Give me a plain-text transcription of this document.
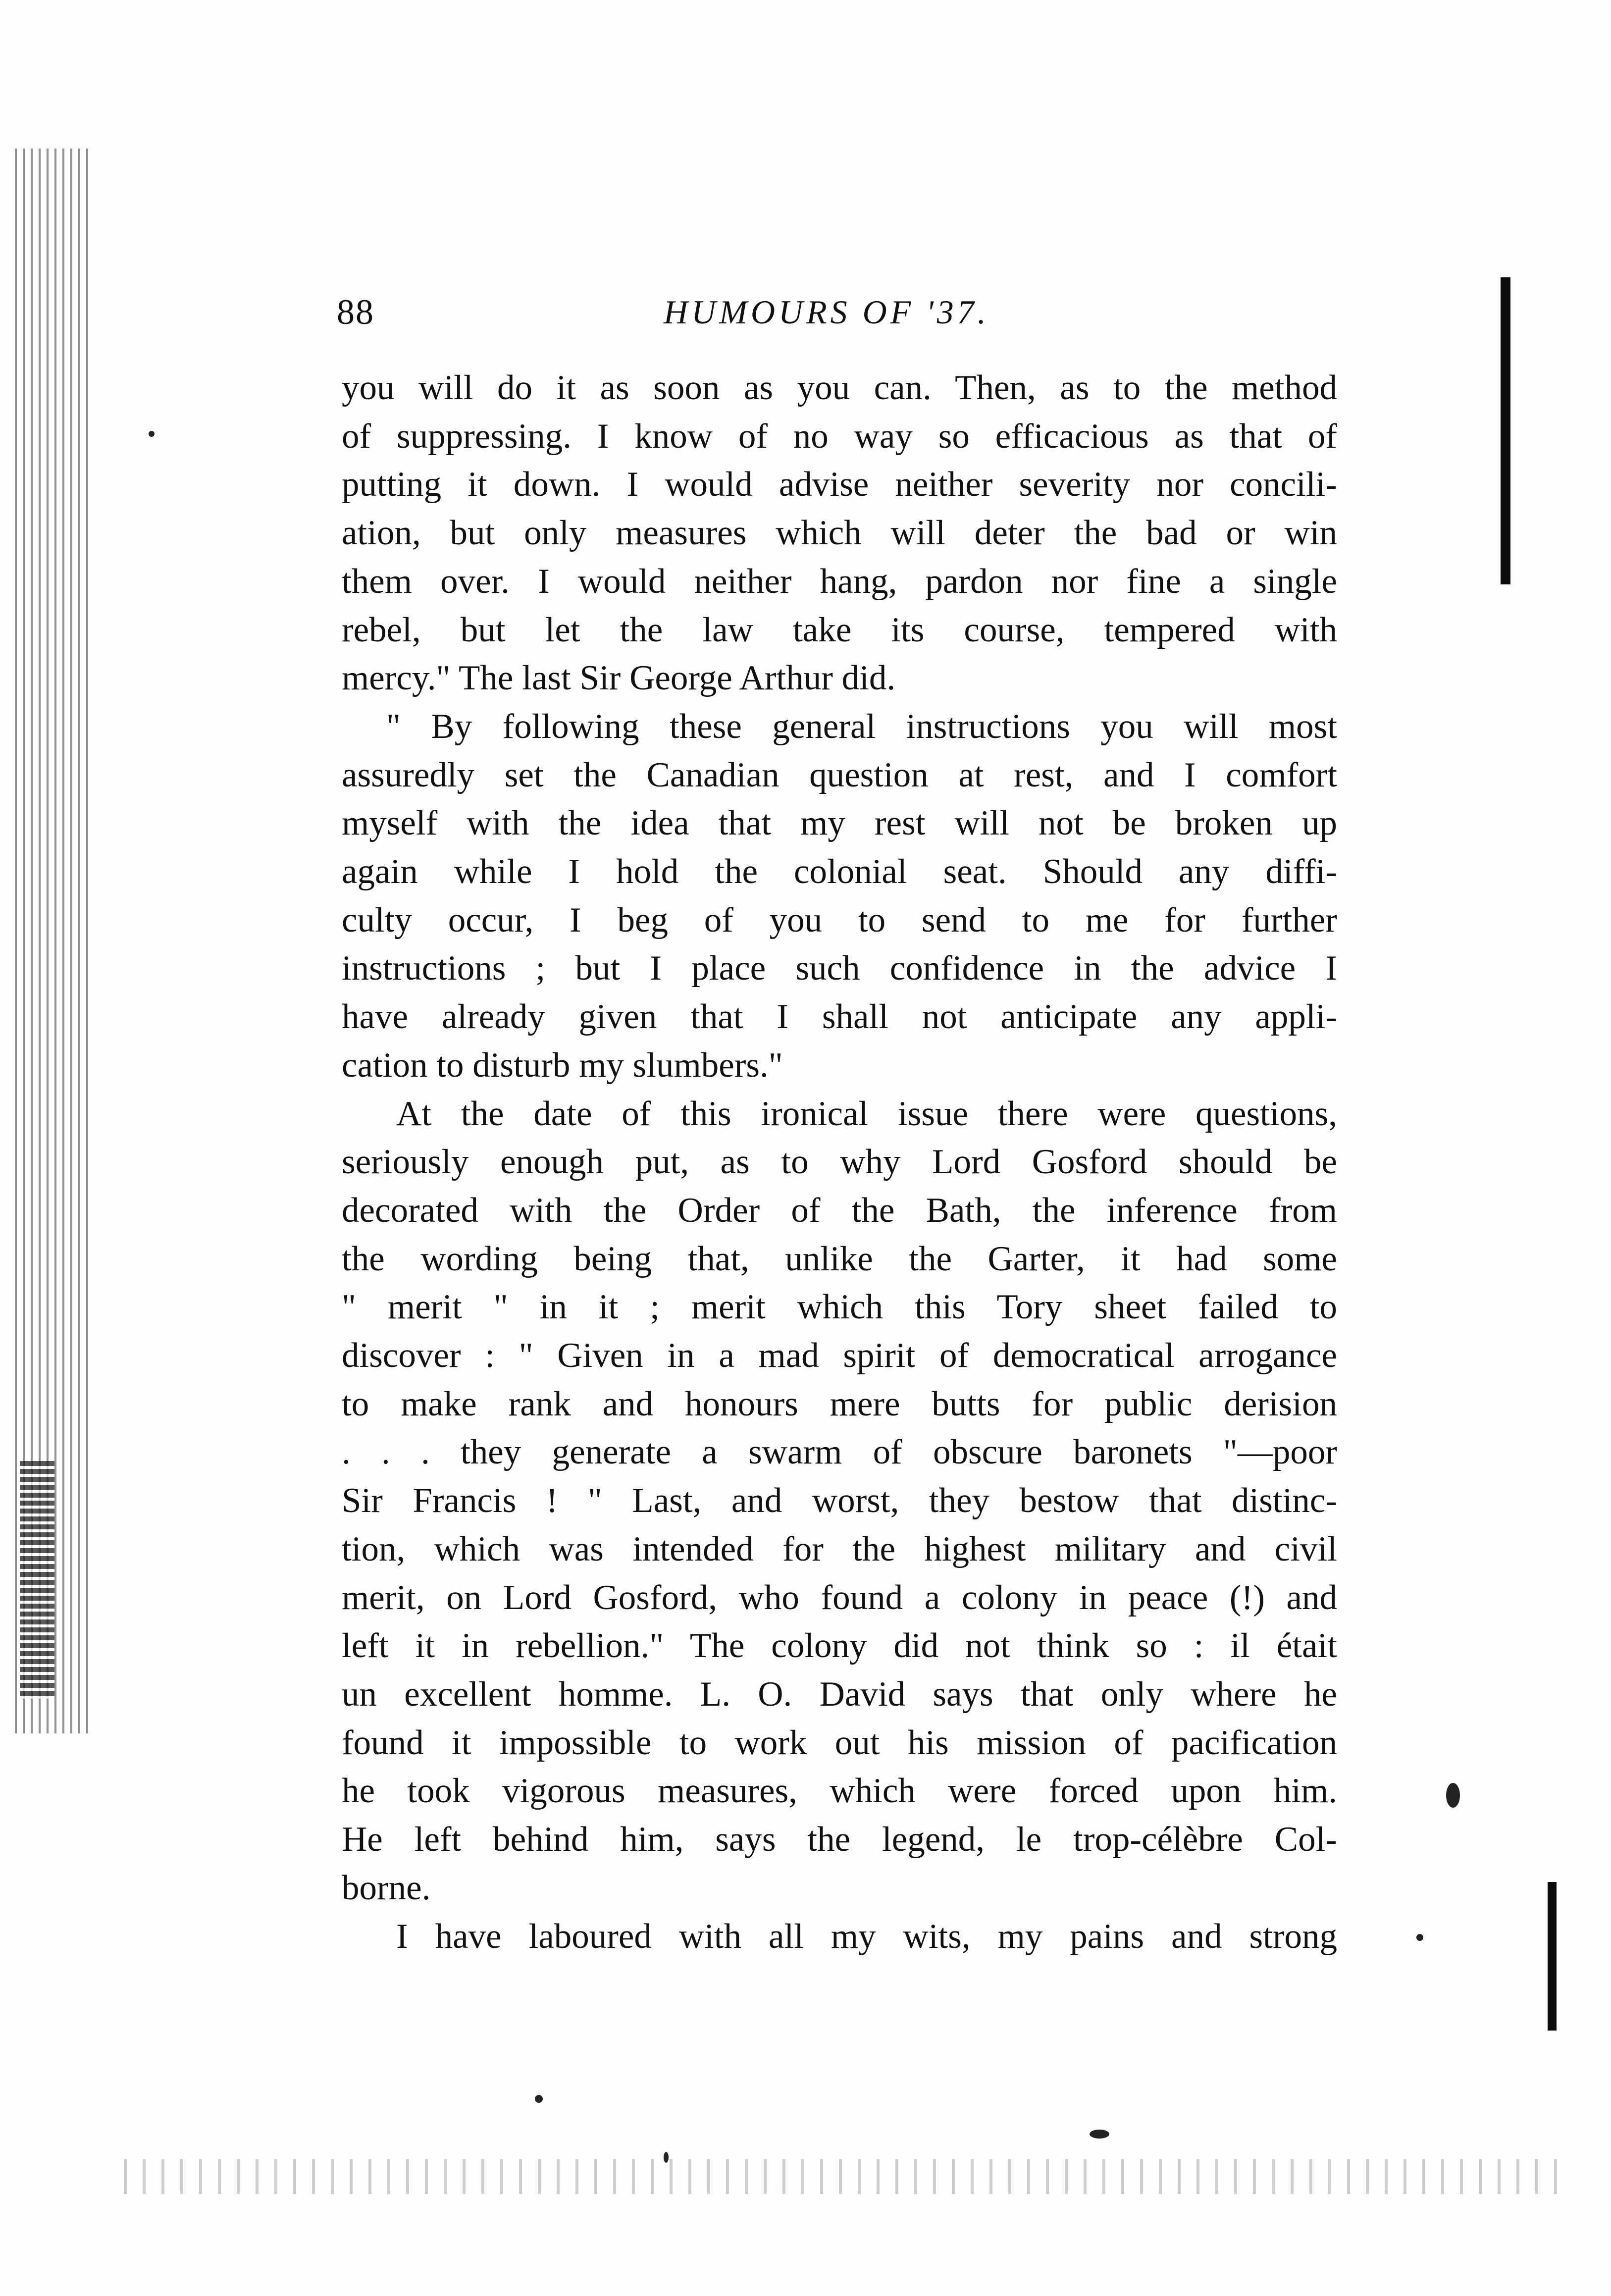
88	HUMOURS OF '37.

you will do it as soon as you can. Then, as to the method
of suppressing. I know of no way so efficacious as that of
putting it down. I would advise neither severity nor concili-
ation, but only measures which will deter the bad or win
them over. I would neither hang, pardon nor fine a single
rebel, but let the law take its course, tempered with
mercy." The last Sir George Arthur did.

" By following these general instructions you will most
assuredly set the Canadian question at rest, and I comfort
myself with the idea that my rest will not be broken up
again while I hold the colonial seat. Should any diffi-
culty occur, I beg of you to send to me for further
instructions ; but I place such confidence in the advice I
have already given that I shall not anticipate any appli-
cation to disturb my slumbers."

At the date of this ironical issue there were questions,
seriously enough put, as to why Lord Gosford should be
decorated with the Order of the Bath, the inference from
the wording being that, unlike the Garter, it had some
" merit " in it ; merit which this Tory sheet failed to
discover : " Given in a mad spirit of democratical arrogance
to make rank and honours mere butts for public derision
. . . they generate a swarm of obscure baronets "—poor
Sir Francis ! " Last, and worst, they bestow that distinc-
tion, which was intended for the highest military and civil
merit, on Lord Gosford, who found a colony in peace (!) and
left it in rebellion." The colony did not think so : il était
un excellent homme. L. O. David says that only where he
found it impossible to work out his mission of pacification
he took vigorous measures, which were forced upon him.
He left behind him, says the legend, le trop-célèbre Col-
borne.

I have laboured with all my wits, my pains and strong
